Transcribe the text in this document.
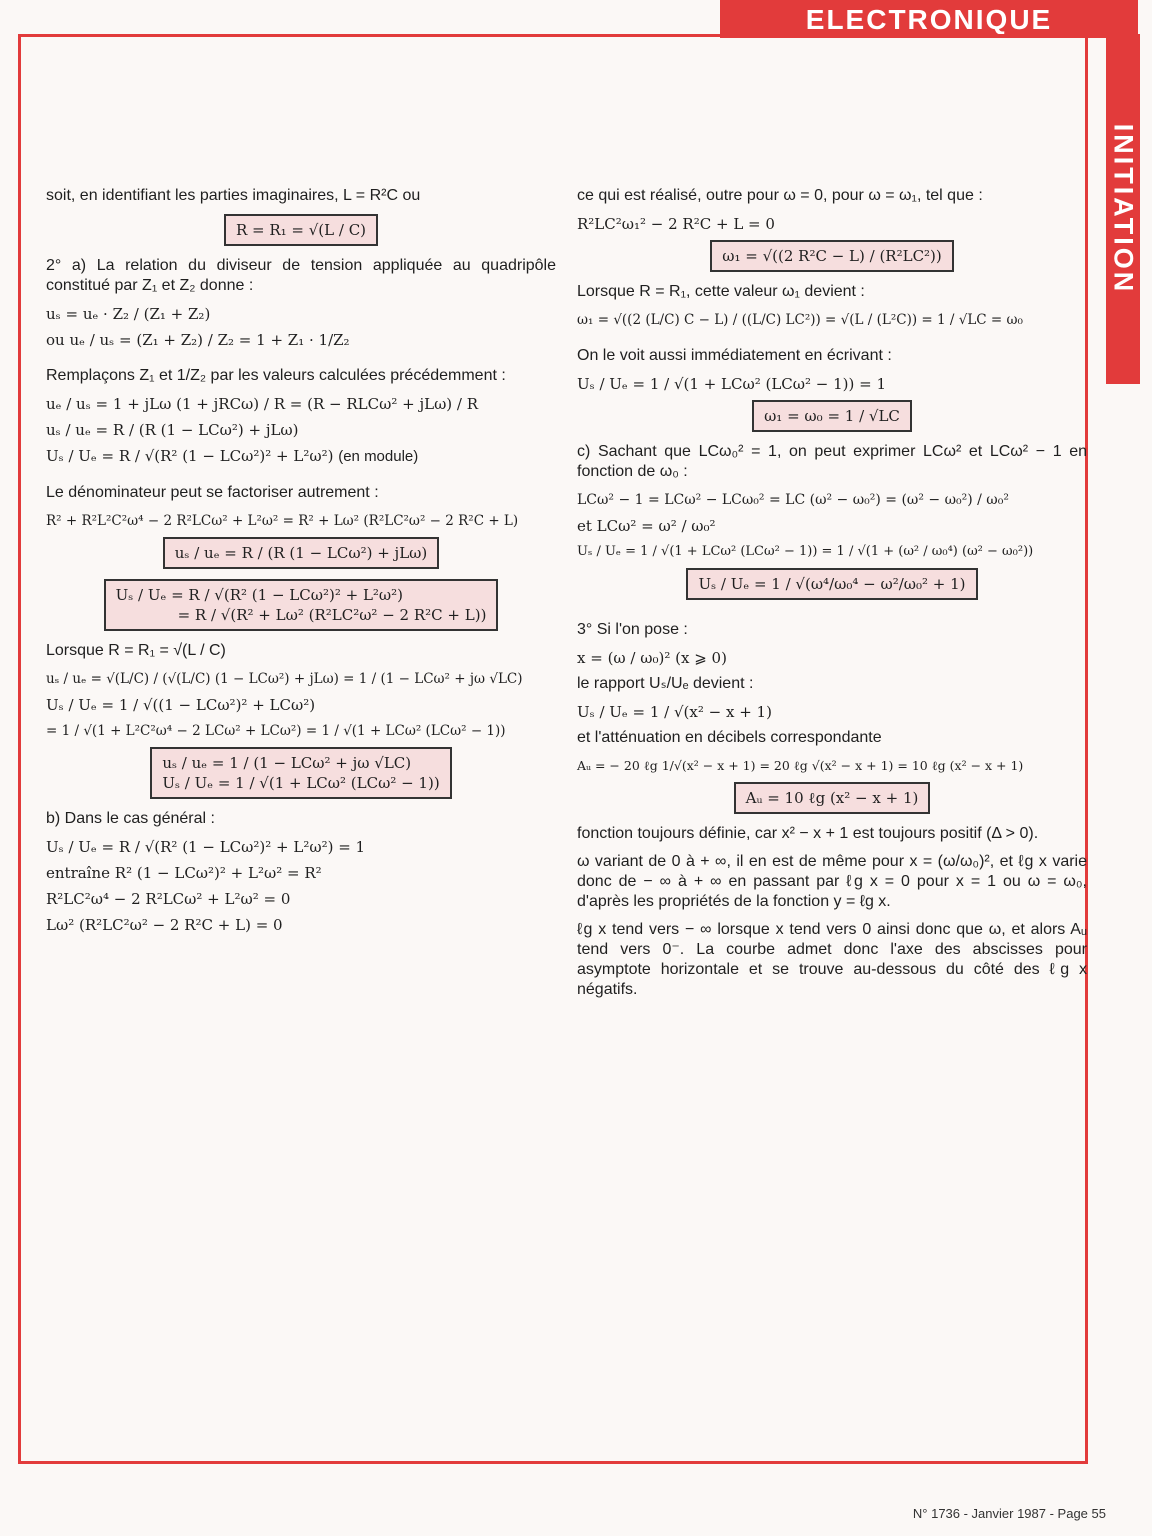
ELECTRONIQUE
INITIATION
soit, en identifiant les parties imaginaires, L = R²C ou
R = R₁ = √(L / C)
2° a) La relation du diviseur de tension appliquée au quadripôle constitué par Z₁ et Z₂ donne :
uₛ = uₑ · Z₂ / (Z₁ + Z₂)
ou uₑ / uₛ = (Z₁ + Z₂) / Z₂ = 1 + Z₁ · 1/Z₂
Remplaçons Z₁ et 1/Z₂ par les valeurs calculées précédemment :
uₑ / uₛ = 1 + jLω (1 + jRCω) / R = (R − RLCω² + jLω) / R
uₛ / uₑ = R / (R (1 − LCω²) + jLω)
Uₛ / Uₑ = R / √(R² (1 − LCω²)² + L²ω²) (en module)
Le dénominateur peut se factoriser autrement :
R² + R²L²C²ω⁴ − 2 R²LCω² + L²ω² = R² + Lω² (R²LC²ω² − 2 R²C + L)
uₛ / uₑ = R / (R (1 − LCω²) + jLω)
Uₛ / Uₑ = R / √(R² (1 − LCω²)² + L²ω²)
= R / √(R² + Lω² (R²LC²ω² − 2 R²C + L))
Lorsque R = R₁ = √(L / C)
uₛ / uₑ = √(L/C) / (√(L/C) (1 − LCω²) + jLω) = 1 / (1 − LCω² + jω √LC)
Uₛ / Uₑ = 1 / √((1 − LCω²)² + LCω²)
= 1 / √(1 + L²C²ω⁴ − 2 LCω² + LCω²) = 1 / √(1 + LCω² (LCω² − 1))
uₛ / uₑ = 1 / (1 − LCω² + jω √LC)
Uₛ / Uₑ = 1 / √(1 + LCω² (LCω² − 1))
b) Dans le cas général :
Uₛ / Uₑ = R / √(R² (1 − LCω²)² + L²ω²) = 1
entraîne R² (1 − LCω²)² + L²ω² = R²
R²LC²ω⁴ − 2 R²LCω² + L²ω² = 0
Lω² (R²LC²ω² − 2 R²C + L) = 0
ce qui est réalisé, outre pour ω = 0, pour ω = ω₁, tel que :
R²LC²ω₁² − 2 R²C + L = 0
ω₁ = √((2 R²C − L) / (R²LC²))
Lorsque R = R₁, cette valeur ω₁ devient :
ω₁ = √((2 (L/C) C − L) / ((L/C) LC²)) = √(L / (L²C)) = 1 / √LC = ω₀
On le voit aussi immédiatement en écrivant :
Uₛ / Uₑ = 1 / √(1 + LCω² (LCω² − 1)) = 1
ω₁ = ω₀ = 1 / √LC
c) Sachant que LCω₀² = 1, on peut exprimer LCω² et LCω² − 1 en fonction de ω₀ :
LCω² − 1 = LCω² − LCω₀² = LC (ω² − ω₀²) = (ω² − ω₀²) / ω₀²
et LCω² = ω² / ω₀²
Uₛ / Uₑ = 1 / √(1 + LCω² (LCω² − 1)) = 1 / √(1 + (ω² / ω₀⁴) (ω² − ω₀²))
Uₛ / Uₑ = 1 / √(ω⁴/ω₀⁴ − ω²/ω₀² + 1)
3° Si l'on pose :
x = (ω / ω₀)² (x ⩾ 0)
le rapport Uₛ/Uₑ devient :
Uₛ / Uₑ = 1 / √(x² − x + 1)
et l'atténuation en décibels correspondante
Aᵤ = − 20 ℓg 1/√(x² − x + 1) = 20 ℓg √(x² − x + 1) = 10 ℓg (x² − x + 1)
Aᵤ = 10 ℓg (x² − x + 1)
fonction toujours définie, car x² − x + 1 est toujours positif (Δ > 0).
ω variant de 0 à + ∞, il en est de même pour x = (ω/ω₀)², et ℓg x varie donc de − ∞ à + ∞ en passant par ℓg x = 0 pour x = 1 ou ω = ω₀, d'après les propriétés de la fonction y = ℓg x.
ℓg x tend vers − ∞ lorsque x tend vers 0 ainsi donc que ω, et alors Aᵤ tend vers 0⁻. La courbe admet donc l'axe des abscisses pour asymptote horizontale et se trouve au-dessous du côté des ℓg x négatifs.
N° 1736 - Janvier 1987 - Page 55
